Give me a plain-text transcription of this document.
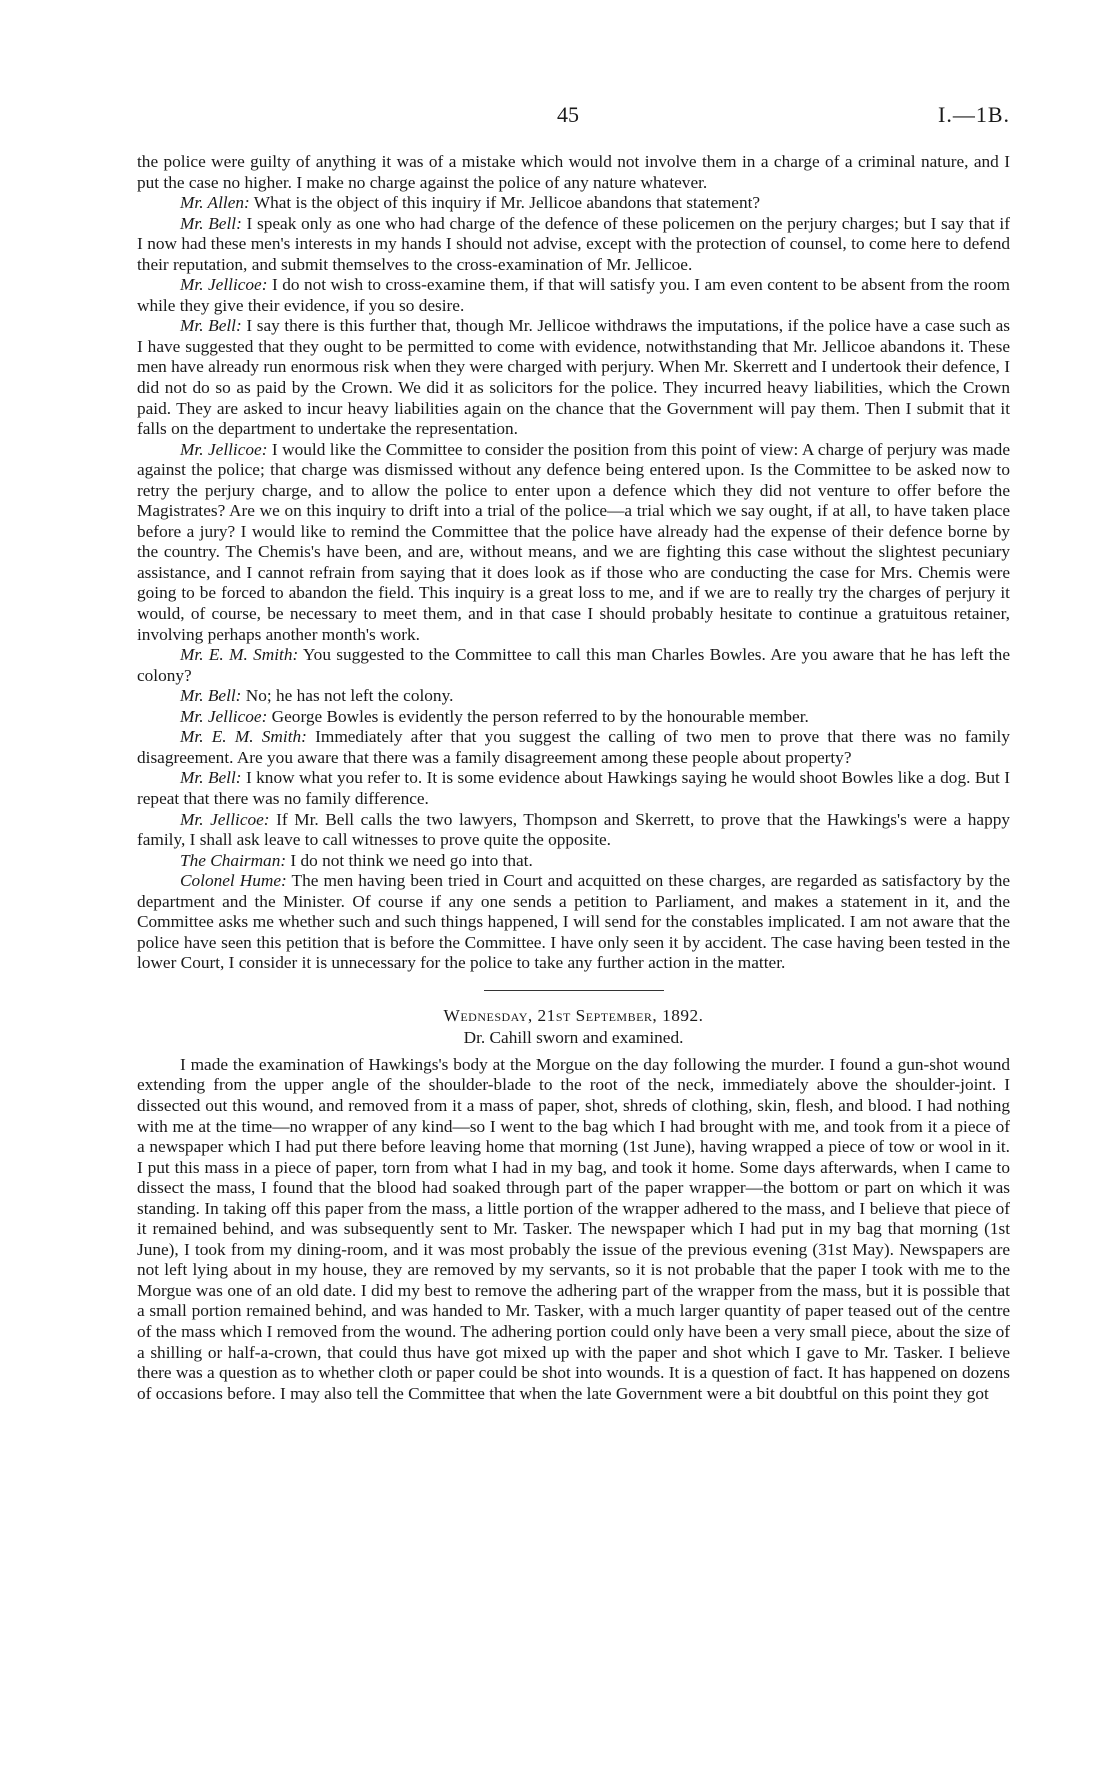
45	I.—1B.

the police were guilty of anything it was of a mistake which would not involve them in a charge of a criminal nature, and I put the case no higher. I make no charge against the police of any nature whatever.

Mr. Allen: What is the object of this inquiry if Mr. Jellicoe abandons that statement?

Mr. Bell: I speak only as one who had charge of the defence of these policemen on the perjury charges; but I say that if I now had these men's interests in my hands I should not advise, except with the protection of counsel, to come here to defend their reputation, and submit themselves to the cross-examination of Mr. Jellicoe.

Mr. Jellicoe: I do not wish to cross-examine them, if that will satisfy you. I am even content to be absent from the room while they give their evidence, if you so desire.

Mr. Bell: I say there is this further that, though Mr. Jellicoe withdraws the imputations, if the police have a case such as I have suggested that they ought to be permitted to come with evidence, notwithstanding that Mr. Jellicoe abandons it. These men have already run enormous risk when they were charged with perjury. When Mr. Skerrett and I undertook their defence, I did not do so as paid by the Crown. We did it as solicitors for the police. They incurred heavy liabilities, which the Crown paid. They are asked to incur heavy liabilities again on the chance that the Government will pay them. Then I submit that it falls on the department to undertake the representation.

Mr. Jellicoe: I would like the Committee to consider the position from this point of view: A charge of perjury was made against the police; that charge was dismissed without any defence being entered upon. Is the Committee to be asked now to retry the perjury charge, and to allow the police to enter upon a defence which they did not venture to offer before the Magistrates? Are we on this inquiry to drift into a trial of the police—a trial which we say ought, if at all, to have taken place before a jury? I would like to remind the Committee that the police have already had the expense of their defence borne by the country. The Chemis's have been, and are, without means, and we are fighting this case without the slightest pecuniary assistance, and I cannot refrain from saying that it does look as if those who are conducting the case for Mrs. Chemis were going to be forced to abandon the field. This inquiry is a great loss to me, and if we are to really try the charges of perjury it would, of course, be necessary to meet them, and in that case I should probably hesitate to continue a gratuitous retainer, involving perhaps another month's work.

Mr. E. M. Smith: You suggested to the Committee to call this man Charles Bowles. Are you aware that he has left the colony?

Mr. Bell: No; he has not left the colony.

Mr. Jellicoe: George Bowles is evidently the person referred to by the honourable member.

Mr. E. M. Smith: Immediately after that you suggest the calling of two men to prove that there was no family disagreement. Are you aware that there was a family disagreement among these people about property?

Mr. Bell: I know what you refer to. It is some evidence about Hawkings saying he would shoot Bowles like a dog. But I repeat that there was no family difference.

Mr. Jellicoe: If Mr. Bell calls the two lawyers, Thompson and Skerrett, to prove that the Hawkings's were a happy family, I shall ask leave to call witnesses to prove quite the opposite.

The Chairman: I do not think we need go into that.

Colonel Hume: The men having been tried in Court and acquitted on these charges, are regarded as satisfactory by the department and the Minister. Of course if any one sends a petition to Parliament, and makes a statement in it, and the Committee asks me whether such and such things happened, I will send for the constables implicated. I am not aware that the police have seen this petition that is before the Committee. I have only seen it by accident. The case having been tested in the lower Court, I consider it is unnecessary for the police to take any further action in the matter.

Wednesday, 21st September, 1892.

Dr. Cahill sworn and examined.

I made the examination of Hawkings's body at the Morgue on the day following the murder. I found a gun-shot wound extending from the upper angle of the shoulder-blade to the root of the neck, immediately above the shoulder-joint. I dissected out this wound, and removed from it a mass of paper, shot, shreds of clothing, skin, flesh, and blood. I had nothing with me at the time—no wrapper of any kind—so I went to the bag which I had brought with me, and took from it a piece of a newspaper which I had put there before leaving home that morning (1st June), having wrapped a piece of tow or wool in it. I put this mass in a piece of paper, torn from what I had in my bag, and took it home. Some days afterwards, when I came to dissect the mass, I found that the blood had soaked through part of the paper wrapper—the bottom or part on which it was standing. In taking off this paper from the mass, a little portion of the wrapper adhered to the mass, and I believe that piece of it remained behind, and was subsequently sent to Mr. Tasker. The newspaper which I had put in my bag that morning (1st June), I took from my dining-room, and it was most probably the issue of the previous evening (31st May). Newspapers are not left lying about in my house, they are removed by my servants, so it is not probable that the paper I took with me to the Morgue was one of an old date. I did my best to remove the adhering part of the wrapper from the mass, but it is possible that a small portion remained behind, and was handed to Mr. Tasker, with a much larger quantity of paper teased out of the centre of the mass which I removed from the wound. The adhering portion could only have been a very small piece, about the size of a shilling or half-a-crown, that could thus have got mixed up with the paper and shot which I gave to Mr. Tasker. I believe there was a question as to whether cloth or paper could be shot into wounds. It is a question of fact. It has happened on dozens of occasions before. I may also tell the Committee that when the late Government were a bit doubtful on this point they got
